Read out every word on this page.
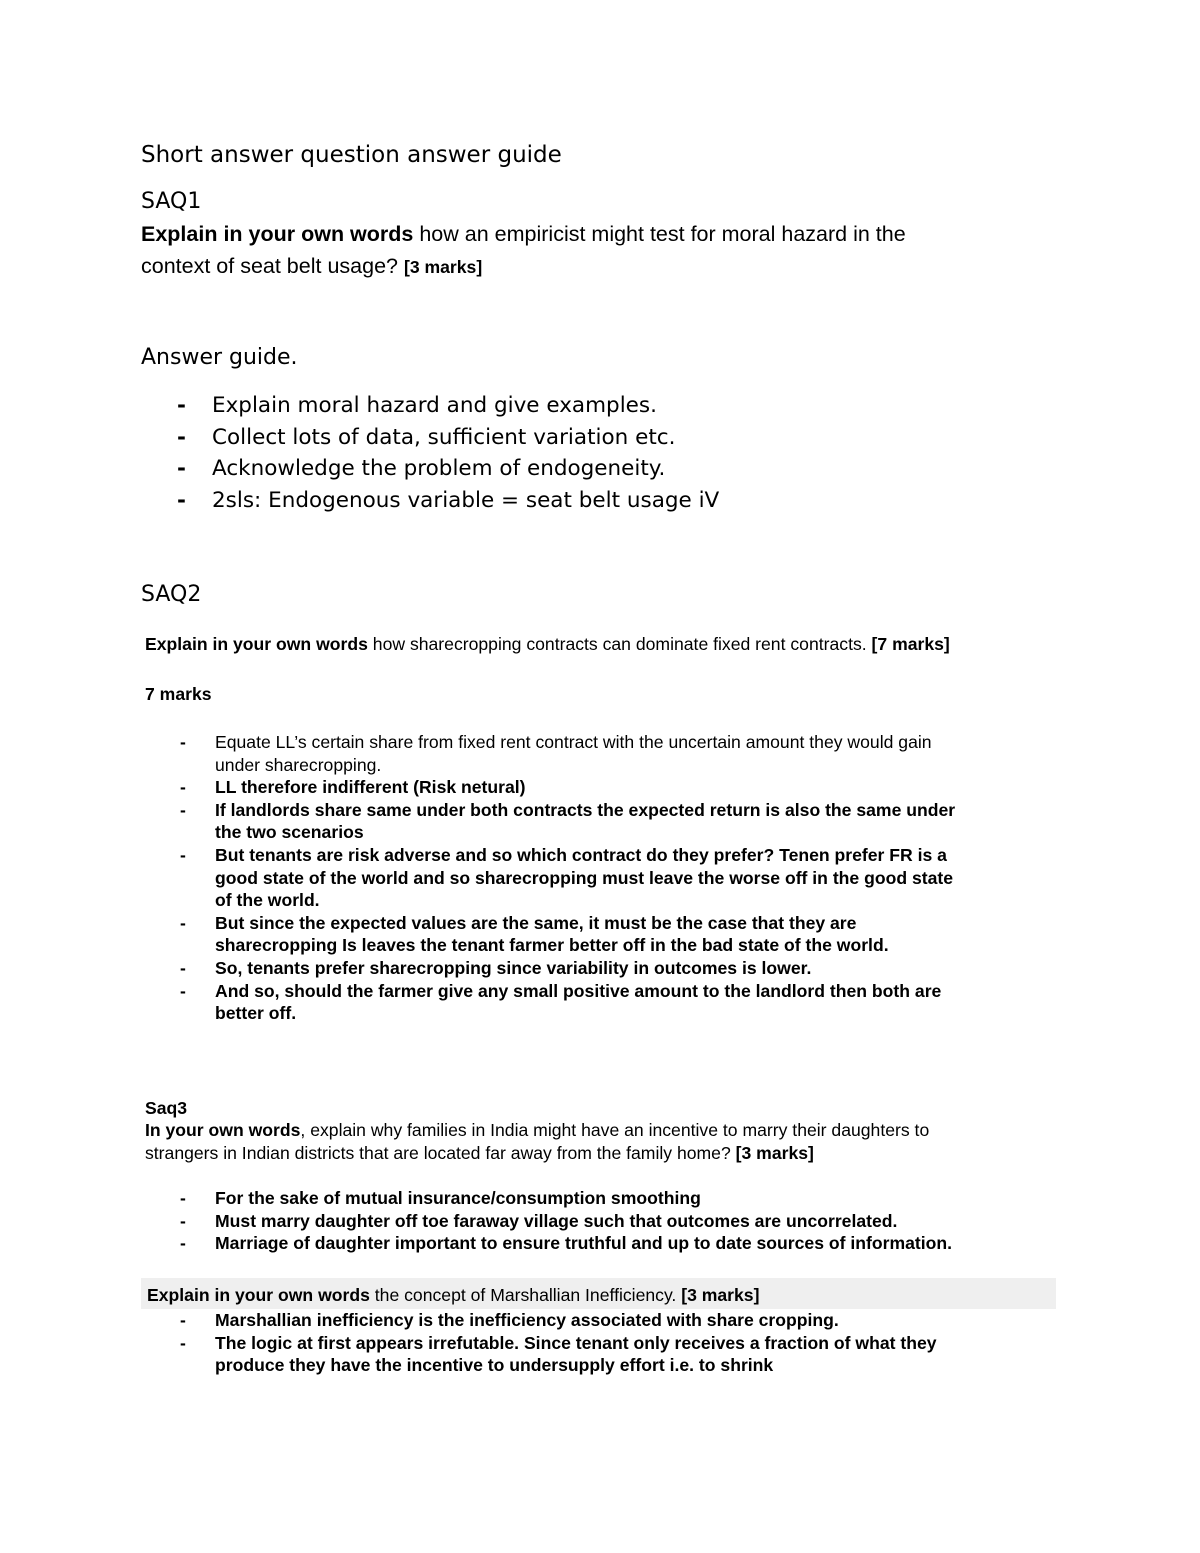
Short answer question answer guide
SAQ1
Explain in your own words how an empiricist might test for moral hazard in the
context of seat belt usage? [3 marks]
Answer guide.
- Explain moral hazard and give examples.
- Collect lots of data, sufficient variation etc.
- Acknowledge the problem of endogeneity.
- 2sls: Endogenous variable = seat belt usage iV
SAQ2
Explain in your own words how sharecropping contracts can dominate fixed rent contracts. [7 marks]
7 marks
- Equate LL’s certain share from fixed rent contract with the uncertain amount they would gain
under sharecropping.
- LL therefore indifferent (Risk netural)
- If landlords share same under both contracts the expected return is also the same under
the two scenarios
- But tenants are risk adverse and so which contract do they prefer? Tenen prefer FR is a
good state of the world and so sharecropping must leave the worse off in the good state
of the world.
- But since the expected values are the same, it must be the case that they are
sharecropping Is leaves the tenant farmer better off in the bad state of the world.
- So, tenants prefer sharecropping since variability in outcomes is lower.
- And so, should the farmer give any small positive amount to the landlord then both are
better off.
Saq3
In your own words, explain why families in India might have an incentive to marry their daughters to
strangers in Indian districts that are located far away from the family home? [3 marks]
- For the sake of mutual insurance/consumption smoothing
- Must marry daughter off toe faraway village such that outcomes are uncorrelated.
- Marriage of daughter important to ensure truthful and up to date sources of information.
Explain in your own words the concept of Marshallian Inefficiency. [3 marks]
- Marshallian inefficiency is the inefficiency associated with share cropping.
- The logic at first appears irrefutable. Since tenant only receives a fraction of what they
produce they have the incentive to undersupply effort i.e. to shrink
